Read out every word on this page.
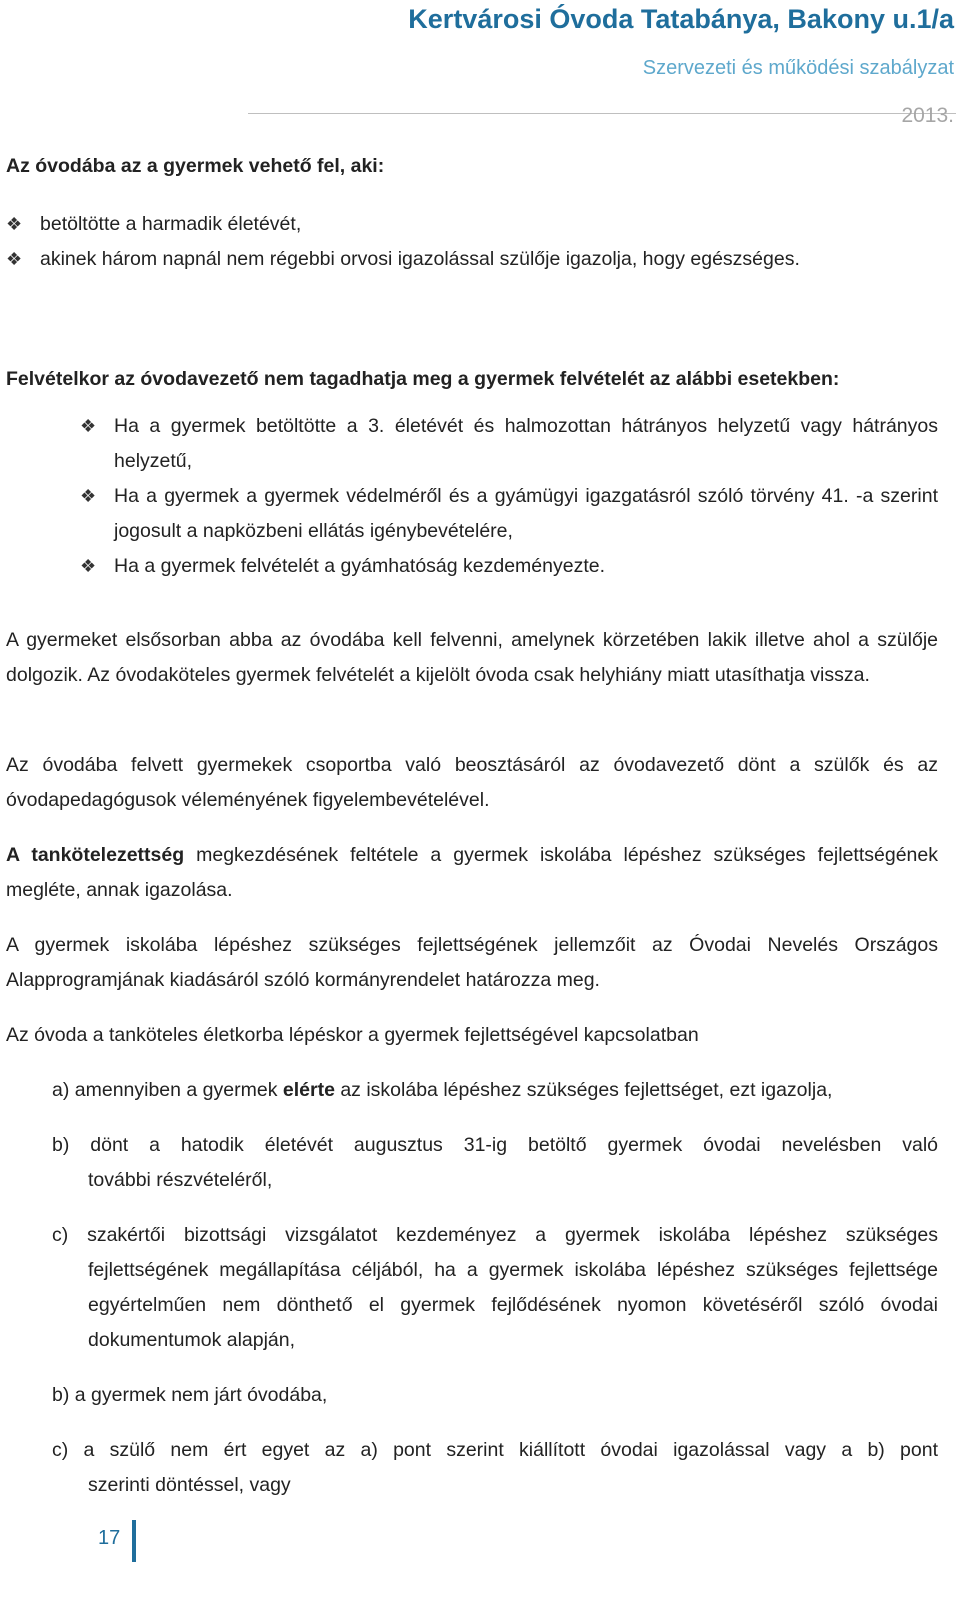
Kertvárosi Óvoda Tatabánya, Bakony u.1/a
Szervezeti és működési szabályzat
2013.
Az óvodába az a gyermek vehető fel, aki:
❖ betöltötte a harmadik életévét,
❖ akinek három napnál nem régebbi orvosi igazolással szülője igazolja, hogy egészséges.
Felvételkor az óvodavezető nem tagadhatja meg a gyermek felvételét az alábbi esetekben:
❖ Ha a gyermek betöltötte a 3. életévét és halmozottan hátrányos helyzetű vagy hátrányos helyzetű,
❖ Ha a gyermek a gyermek védelméről és a gyámügyi igazgatásról szóló törvény 41. -a szerint jogosult a napközbeni ellátás igénybevételére,
❖ Ha a gyermek felvételét a gyámhatóság kezdeményezte.
A gyermeket elsősorban abba az óvodába kell felvenni, amelynek körzetében lakik illetve ahol a szülője dolgozik. Az óvodaköteles gyermek felvételét a kijelölt óvoda csak helyhiány miatt utasíthatja vissza.
Az óvodába felvett gyermekek csoportba való beosztásáról az óvodavezető dönt a szülők és az óvodapedagógusok véleményének figyelembevételével.
A tankötelezettség megkezdésének feltétele a gyermek iskolába lépéshez szükséges fejlettségének megléte, annak igazolása.
A gyermek iskolába lépéshez szükséges fejlettségének jellemzőit az Óvodai Nevelés Országos Alapprogramjának kiadásáról szóló kormányrendelet határozza meg.
Az óvoda a tanköteles életkorba lépéskor a gyermek fejlettségével kapcsolatban
a) amennyiben a gyermek elérte az iskolába lépéshez szükséges fejlettséget, ezt igazolja,
b) dönt a hatodik életévét augusztus 31-ig betöltő gyermek óvodai nevelésben való
további részvételéről,
c) szakértői bizottsági vizsgálatot kezdeményez a gyermek iskolába lépéshez szükséges
fejlettségének megállapítása céljából, ha a gyermek iskolába lépéshez szükséges fejlettsége egyértelműen nem dönthető el gyermek fejlődésének nyomon követéséről szóló óvodai dokumentumok alapján,
b) a gyermek nem járt óvodába,
c) a szülő nem ért egyet az a) pont szerint kiállított óvodai igazolással vagy a b) pont
szerinti döntéssel, vagy
17
